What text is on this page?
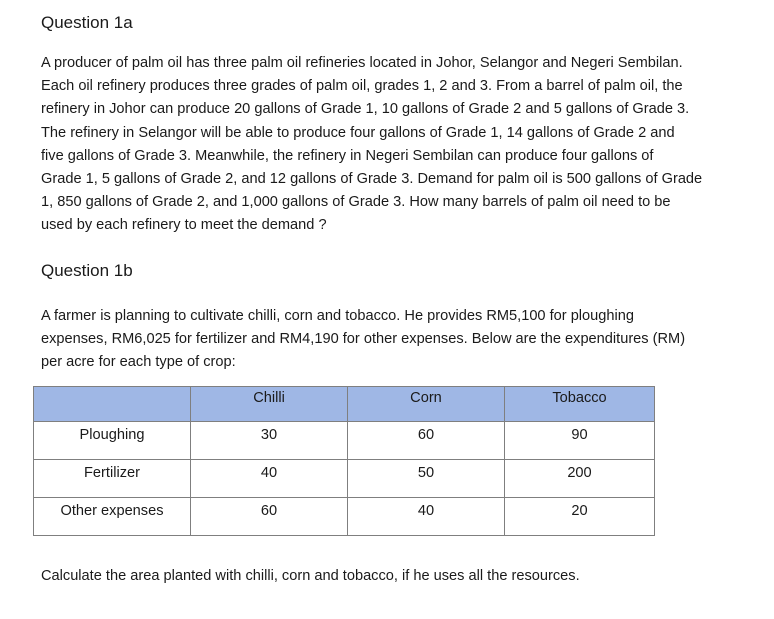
Question 1a
A producer of palm oil has three palm oil refineries located in Johor, Selangor and Negeri Sembilan.
Each oil refinery produces three grades of palm oil, grades 1, 2 and 3. From a barrel of palm oil, the
refinery in Johor can produce 20 gallons of Grade 1, 10 gallons of Grade 2 and 5 gallons of Grade 3.
The refinery in Selangor will be able to produce four gallons of Grade 1, 14 gallons of Grade 2 and
five gallons of Grade 3. Meanwhile, the refinery in Negeri Sembilan can produce four gallons of
Grade 1, 5 gallons of Grade 2, and 12 gallons of Grade 3. Demand for palm oil is 500 gallons of Grade
1, 850 gallons of Grade 2, and 1,000 gallons of Grade 3. How many barrels of palm oil need to be
used by each refinery to meet the demand ?
Question 1b
A farmer is planning to cultivate chilli, corn and tobacco. He provides RM5,100 for ploughing
expenses, RM6,025 for fertilizer and RM4,190 for other expenses. Below are the expenditures (RM)
per acre for each type of crop:
	Chilli	Corn	Tobacco
Ploughing	30	60	90
Fertilizer	40	50	200
Other expenses	60	40	20
Calculate the area planted with chilli, corn and tobacco, if he uses all the resources.
